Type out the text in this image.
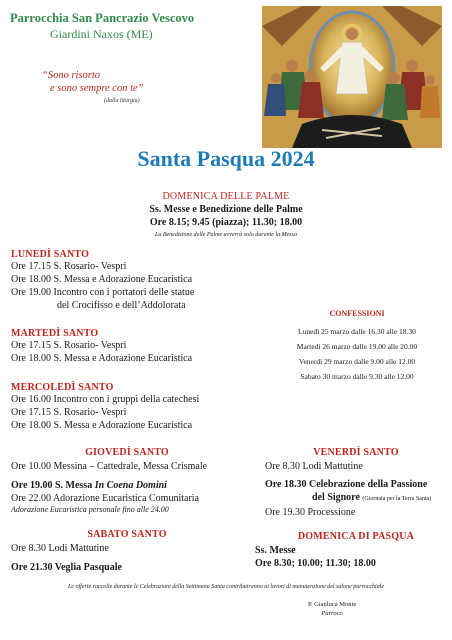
Parrocchia San Pancrazio Vescovo
Giardini Naxos (ME)
“Sono risorto
e sono sempre con te”
(dalla liturgia)
Santa Pasqua 2024
DOMENICA DELLE PALME
Ss. Messe e Benedizione delle Palme
Ore 8.15; 9.45 (piazza); 11.30; 18.00
La Benedizione delle Palme avverrà solo durante la Messa
LUNEDÌ SANTO
Ore 17.15 S. Rosario- Vespri
Ore 18.00 S. Messa e Adorazione Eucaristica
Ore 19.00 Incontro con i portatori delle statue
del Crocifisso e dell’Addolorata
MARTEDÌ SANTO
Ore 17.15 S. Rosario- Vespri
Ore 18.00 S. Messa e Adorazione Eucaristica
MERCOLEDÌ SANTO
Ore 16.00 Incontro con i gruppi della catechesi
Ore 17.15 S. Rosario- Vespri
Ore 18.00 S. Messa e Adorazione Eucaristica
CONFESSIONI
Lunedì 25 marzo dalle 16.30 alle 18.30
Martedì 26 marzo dalle 19.00 alle 20.00
Venerdì 29 marzo dalle 9.00 alle 12.00
Sabato 30 marzo dalle 9.30 alle 12.00
GIOVEDÌ SANTO
Ore 10.00 Messina – Cattedrale, Messa Crismale
Ore 19.00 S. Messa In Coena Domini
Ore 22.00 Adorazione Eucaristica Comunitaria
Adorazione Eucaristica personale fino alle 24.00
VENERDÌ SANTO
Ore 8.30 Lodi Mattutine
Ore 18.30 Celebrazione della Passione
del Signore (Giornata per la Terra Santa)
Ore 19.30 Processione
SABATO SANTO
Ore 8.30 Lodi Mattutine
Ore 21.30 Veglia Pasquale
DOMENICA DI PASQUA
Ss. Messe
Ore 8.30; 10.00; 11.30; 18.00
Le offerte raccolte durante le Celebrazioni della Settimana Santa contribuiranno ai lavori di manutenzione del salone parrocchiale
P. Gianluca Monte
Parroco
